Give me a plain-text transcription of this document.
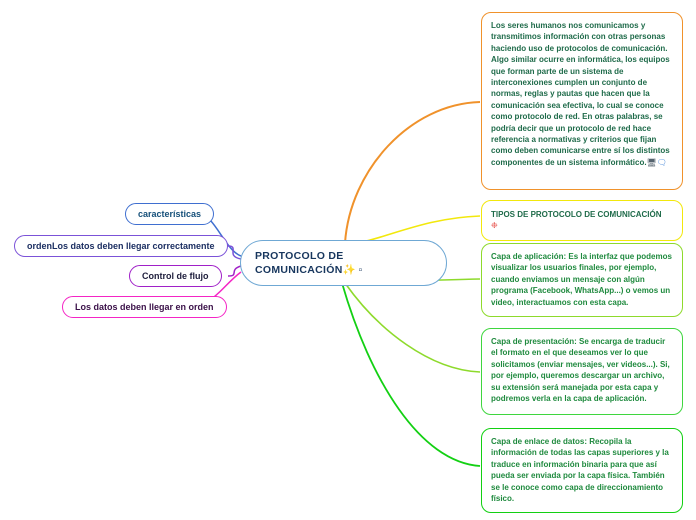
PROTOCOLO DE COMUNICACIÓN✨ ▫
características
ordenLos datos deben llegar correctamente
Control de flujo
Los datos deben llegar en orden
Los seres humanos nos comunicamos y transmitimos información con otras personas haciendo uso de protocolos de comunicación. Algo similar ocurre en informática, los equipos que forman parte de un sistema de interconexiones cumplen un conjunto de normas, reglas y pautas que hacen que la comunicación sea efectiva, lo cual se conoce como protocolo de red. En otras palabras, se podría decir que un protocolo de red hace referencia a normativas y criterios que fijan como deben comunicarse entre sí los distintos componentes de un sistema informático.🖥🗨
TIPOS DE PROTOCOLO DE COMUNICACIÓN
❉
Capa de aplicación: Es la interfaz que podemos visualizar los usuarios finales, por ejemplo, cuando enviamos un mensaje con algún programa (Facebook, WhatsApp...) o vemos un video, interactuamos con esta capa.
Capa de presentación: Se encarga de traducir el formato en el que deseamos ver lo que solicitamos (enviar mensajes, ver videos...). Si, por ejemplo, queremos descargar un archivo, su extensión será manejada por esta capa y podremos verla en la capa de aplicación.
Capa de enlace de datos: Recopila la información de todas las capas superiores y la traduce en información binaria para que así pueda ser enviada por la capa física. También se le conoce como capa de direccionamiento físico.
